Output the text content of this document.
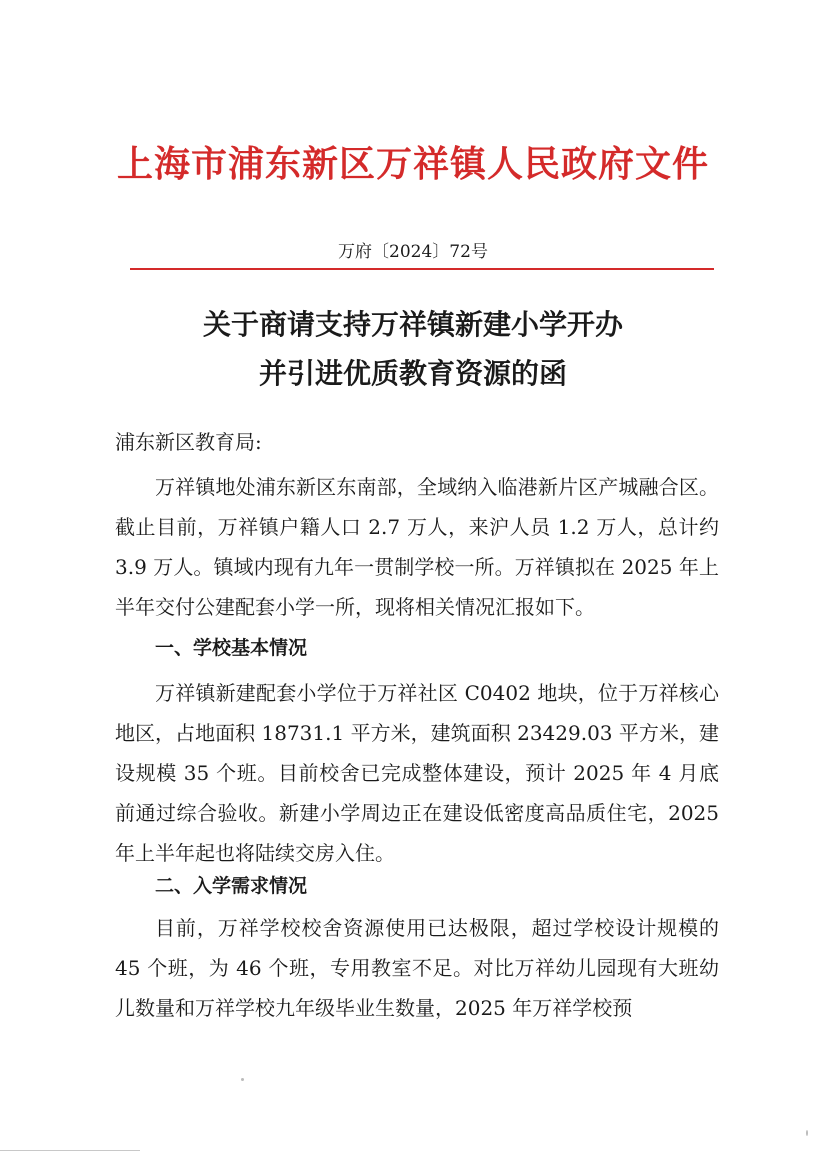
上海市浦东新区万祥镇人民政府文件
万府〔2024〕72号
关于商请支持万祥镇新建小学开办
并引进优质教育资源的函

浦东新区教育局:

万祥镇地处浦东新区东南部，全域纳入临港新片区产城融合区。截止目前，万祥镇户籍人口 2.7 万人，来沪人员 1.2 万人，总计约 3.9 万人。镇域内现有九年一贯制学校一所。万祥镇拟在 2025 年上半年交付公建配套小学一所，现将相关情况汇报如下。

一、学校基本情况

万祥镇新建配套小学位于万祥社区 C0402 地块，位于万祥核心地区，占地面积 18731.1 平方米，建筑面积 23429.03 平方米，建设规模 35 个班。目前校舍已完成整体建设，预计 2025 年 4 月底前通过综合验收。新建小学周边正在建设低密度高品质住宅，2025 年上半年起也将陆续交房入住。

二、入学需求情况

目前，万祥学校校舍资源使用已达极限，超过学校设计规模的 45 个班，为 46 个班，专用教室不足。对比万祥幼儿园现有大班幼儿数量和万祥学校九年级毕业生数量，2025 年万祥学校预
